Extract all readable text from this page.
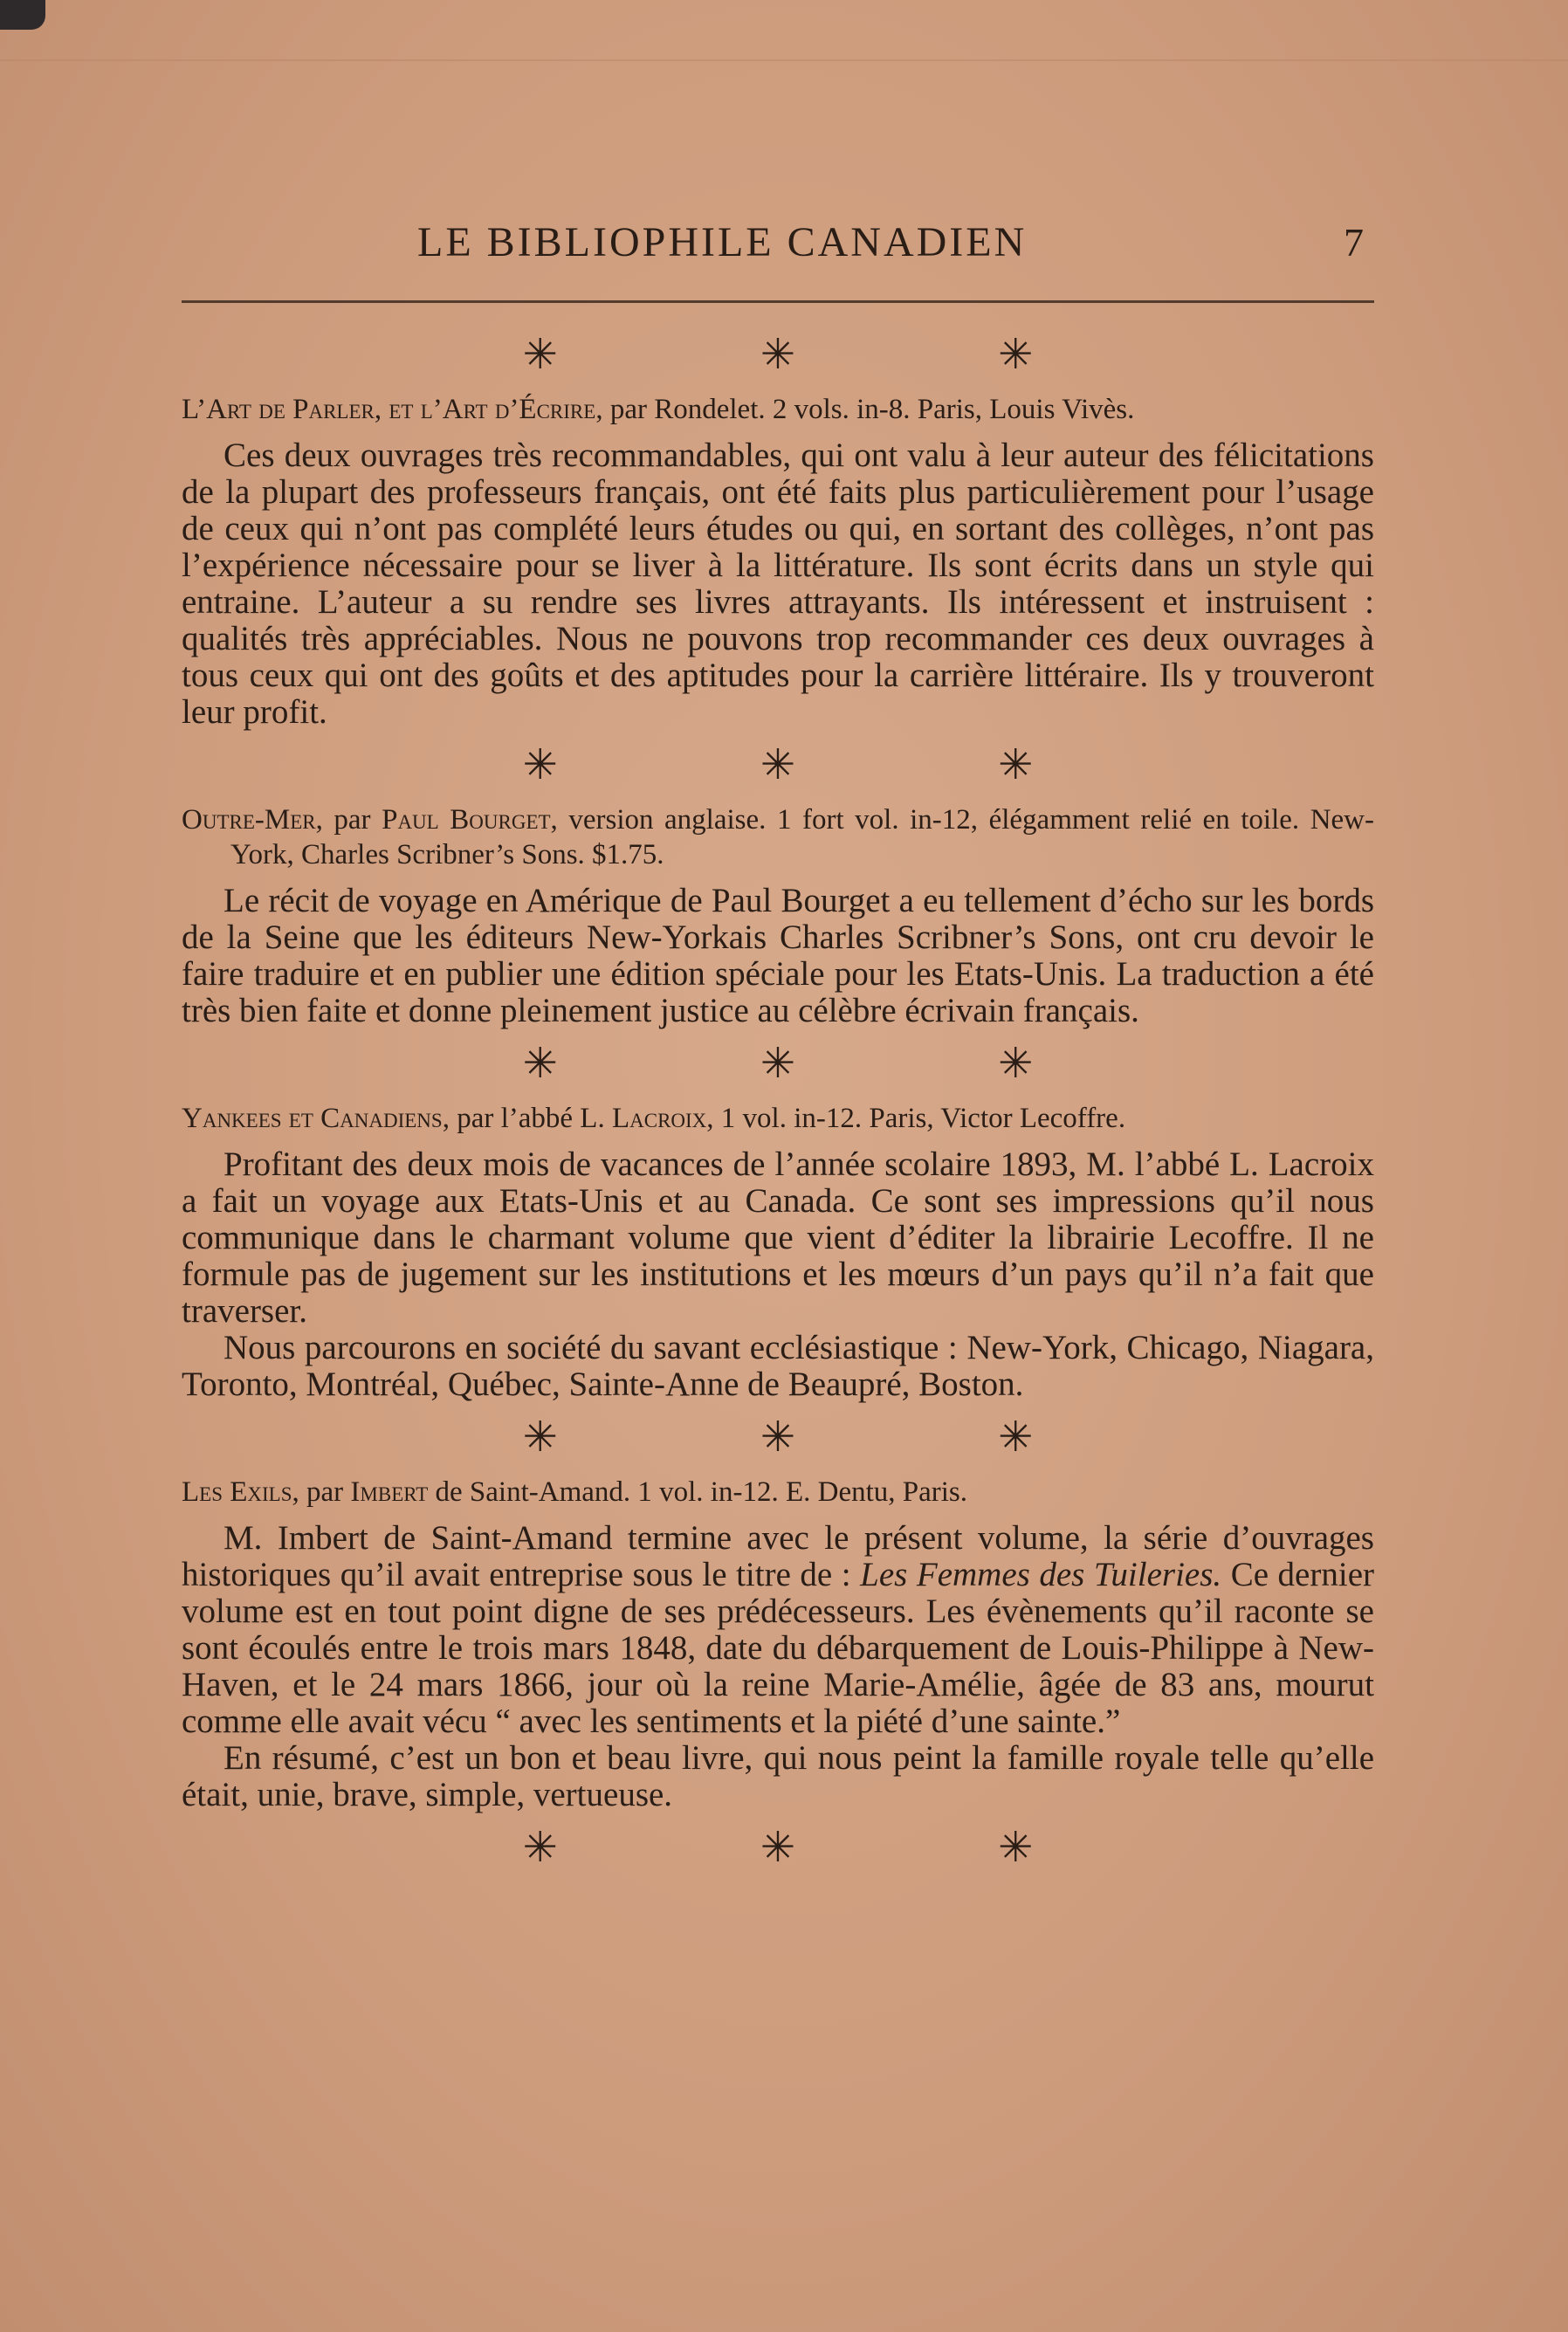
LE BIBLIOPHILE CANADIEN	7
✳ ✳ ✳
L’Art de Parler, et l’Art d’Écrire, par Rondelet. 2 vols. in-8. Paris, Louis Vivès.

Ces deux ouvrages très recommandables, qui ont valu à leur auteur des félicitations de la plupart des professeurs français, ont été faits plus particulièrement pour l’usage de ceux qui n’ont pas complété leurs études ou qui, en sortant des collèges, n’ont pas l’expérience nécessaire pour se liver à la littérature. Ils sont écrits dans un style qui entraine. L’auteur a su rendre ses livres attrayants. Ils intéressent et instruisent : qualités très appréciables. Nous ne pouvons trop recommander ces deux ouvrages à tous ceux qui ont des goûts et des aptitudes pour la carrière littéraire. Ils y trouveront leur profit.

✳ ✳ ✳
Outre-Mer, par Paul Bourget, version anglaise. 1 fort vol. in-12, élégamment relié en toile. New-York, Charles Scribner’s Sons. $1.75.

Le récit de voyage en Amérique de Paul Bourget a eu tellement d’écho sur les bords de la Seine que les éditeurs New-Yorkais Charles Scribner’s Sons, ont cru devoir le faire traduire et en publier une édition spéciale pour les Etats-Unis. La traduction a été très bien faite et donne pleinement justice au célèbre écrivain français.

✳ ✳ ✳
Yankees et Canadiens, par l’abbé L. Lacroix, 1 vol. in-12. Paris, Victor Lecoffre.

Profitant des deux mois de vacances de l’année scolaire 1893, M. l’abbé L. Lacroix a fait un voyage aux Etats-Unis et au Canada. Ce sont ses impressions qu’il nous communique dans le charmant volume que vient d’éditer la librairie Lecoffre. Il ne formule pas de jugement sur les institutions et les mœurs d’un pays qu’il n’a fait que traverser.

Nous parcourons en société du savant ecclésiastique : New-York, Chicago, Niagara, Toronto, Montréal, Québec, Sainte-Anne de Beaupré, Boston.

✳ ✳ ✳
Les Exils, par Imbert de Saint-Amand. 1 vol. in-12. E. Dentu, Paris.

M. Imbert de Saint-Amand termine avec le présent volume, la série d’ouvrages historiques qu’il avait entreprise sous le titre de : Les Femmes des Tuileries. Ce dernier volume est en tout point digne de ses prédécesseurs. Les évènements qu’il raconte se sont écoulés entre le trois mars 1848, date du débarquement de Louis-Philippe à New-Haven, et le 24 mars 1866, jour où la reine Marie-Amélie, âgée de 83 ans, mourut comme elle avait vécu “ avec les sentiments et la piété d’une sainte.”

En résumé, c’est un bon et beau livre, qui nous peint la famille royale telle qu’elle était, unie, brave, simple, vertueuse.

✳ ✳ ✳
